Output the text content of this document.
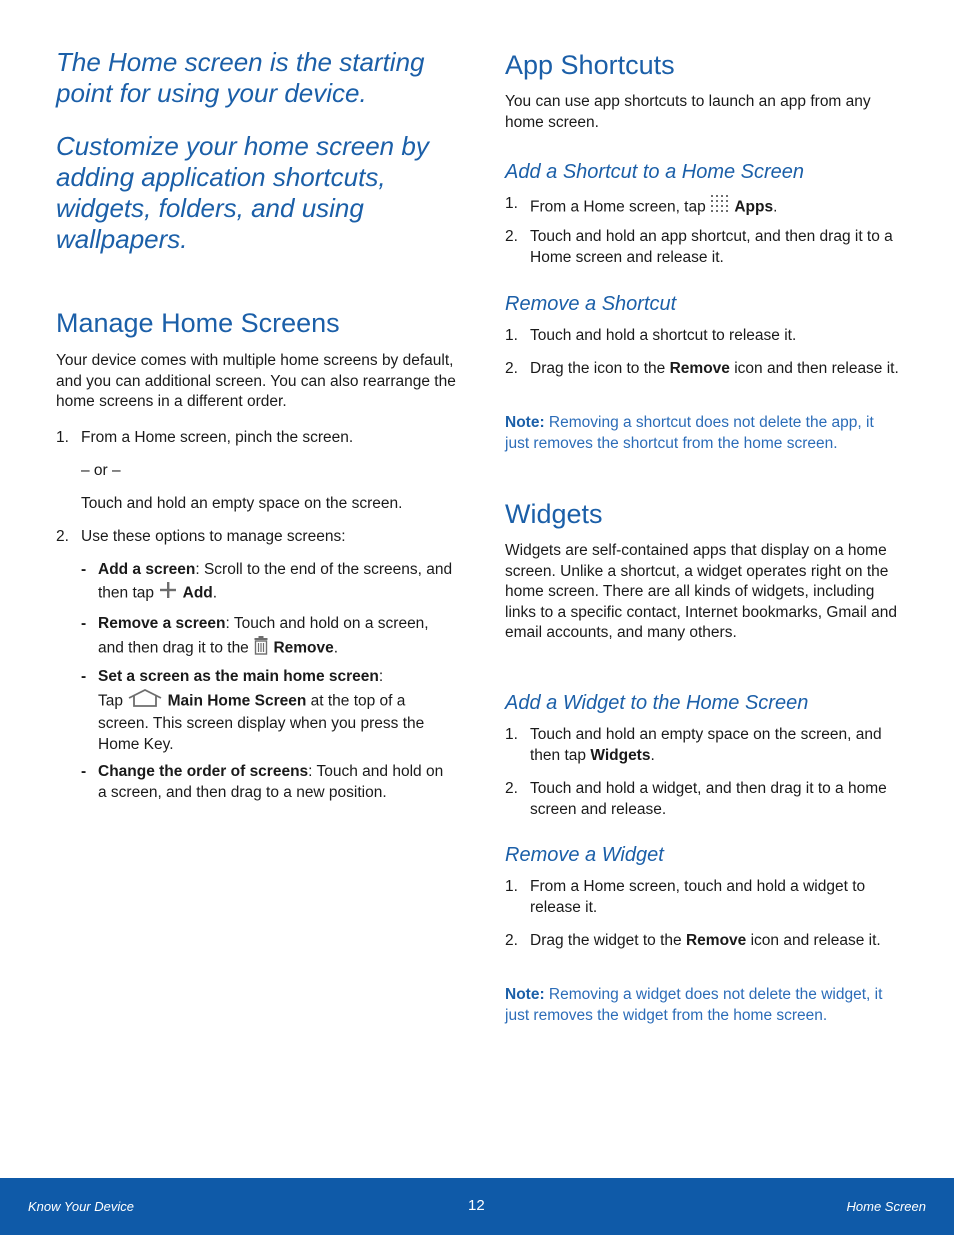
The Home screen is the starting point for using your device.

Customize your home screen by adding application shortcuts, widgets, folders, and using wallpapers.

Manage Home Screens
Your device comes with multiple home screens by default, and you can additional screen. You can also rearrange the home screens in a different order.
1. From a Home screen, pinch the screen.
– or –
Touch and hold an empty space on the screen.
2. Use these options to manage screens:
- Add a screen: Scroll to the end of the screens, and then tap  Add.
- Remove a screen: Touch and hold on a screen, and then drag it to the  Remove.
- Set a screen as the main home screen:
Tap	Main Home Screen at the top of a screen. This screen display when you press the Home Key.
- Change the order of screens: Touch and hold on a screen, and then drag to a new position.
App Shortcuts
You can use app shortcuts to launch an app from any home screen.
Add a Shortcut to a Home Screen
1. From a Home screen, tap  Apps.
2. Touch and hold an app shortcut, and then drag it to a Home screen and release it.
Remove a Shortcut
1. Touch and hold a shortcut to release it.
2. Drag the icon to the Remove icon and then release it.
Note: Removing a shortcut does not delete the app, it just removes the shortcut from the home screen.
Widgets
Widgets are self-contained apps that display on a home screen. Unlike a shortcut, a widget operates right on the home screen. There are all kinds of widgets, including links to a specific contact, Internet bookmarks, Gmail and email accounts, and many others.
Add a Widget to the Home Screen
1. Touch and hold an empty space on the screen, and then tap Widgets.
2. Touch and hold a widget, and then drag it to a home screen and release.
Remove a Widget
1. From a Home screen, touch and hold a widget to release it.
2. Drag the widget to the Remove icon and release it.
Note: Removing a widget does not delete the widget, it just removes the widget from the home screen.
Know Your Device	12	Home Screen
